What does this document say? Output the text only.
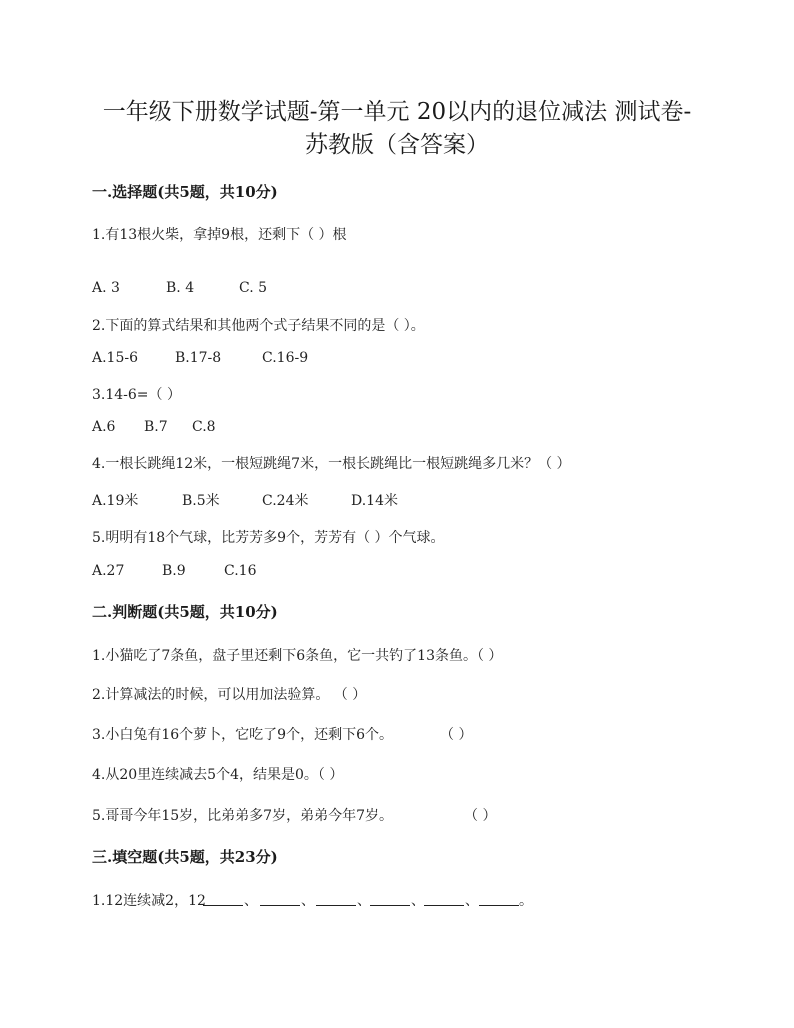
一年级下册数学试题-第一单元 20以内的退位减法 测试卷-
苏教版（含答案）
一.选择题(共5题，共10分)
1.有13根火柴，拿掉9根，还剩下（ ）根
A. 3	B. 4	C. 5
2.下面的算式结果和其他两个式子结果不同的是（ ）。
A.15-6	B.17-8	C.16-9
3.14-6=（ ）
A.6 B.7 C.8
4.一根长跳绳12米，一根短跳绳7米，一根长跳绳比一根短跳绳多几米？（ ）
A.19米	B.5米	C.24米	D.14米
5.明明有18个气球，比芳芳多9个，芳芳有（ ）个气球。
A.27	B.9	C.16
二.判断题(共5题，共10分)
1.小猫吃了7条鱼，盘子里还剩下6条鱼，它一共钓了13条鱼。（ ）
2.计算减法的时候，可以用加法验算。 （ ）
3.小白兔有16个萝卜，它吃了9个，还剩下6个。	（ ）
4.从20里连续减去5个4，结果是0。（ ）
5.哥哥今年15岁，比弟弟多7岁，弟弟今年7岁。	（ ）
三.填空题(共5题，共23分)
1.12连续减2，12	、	、	、	、	、	。
